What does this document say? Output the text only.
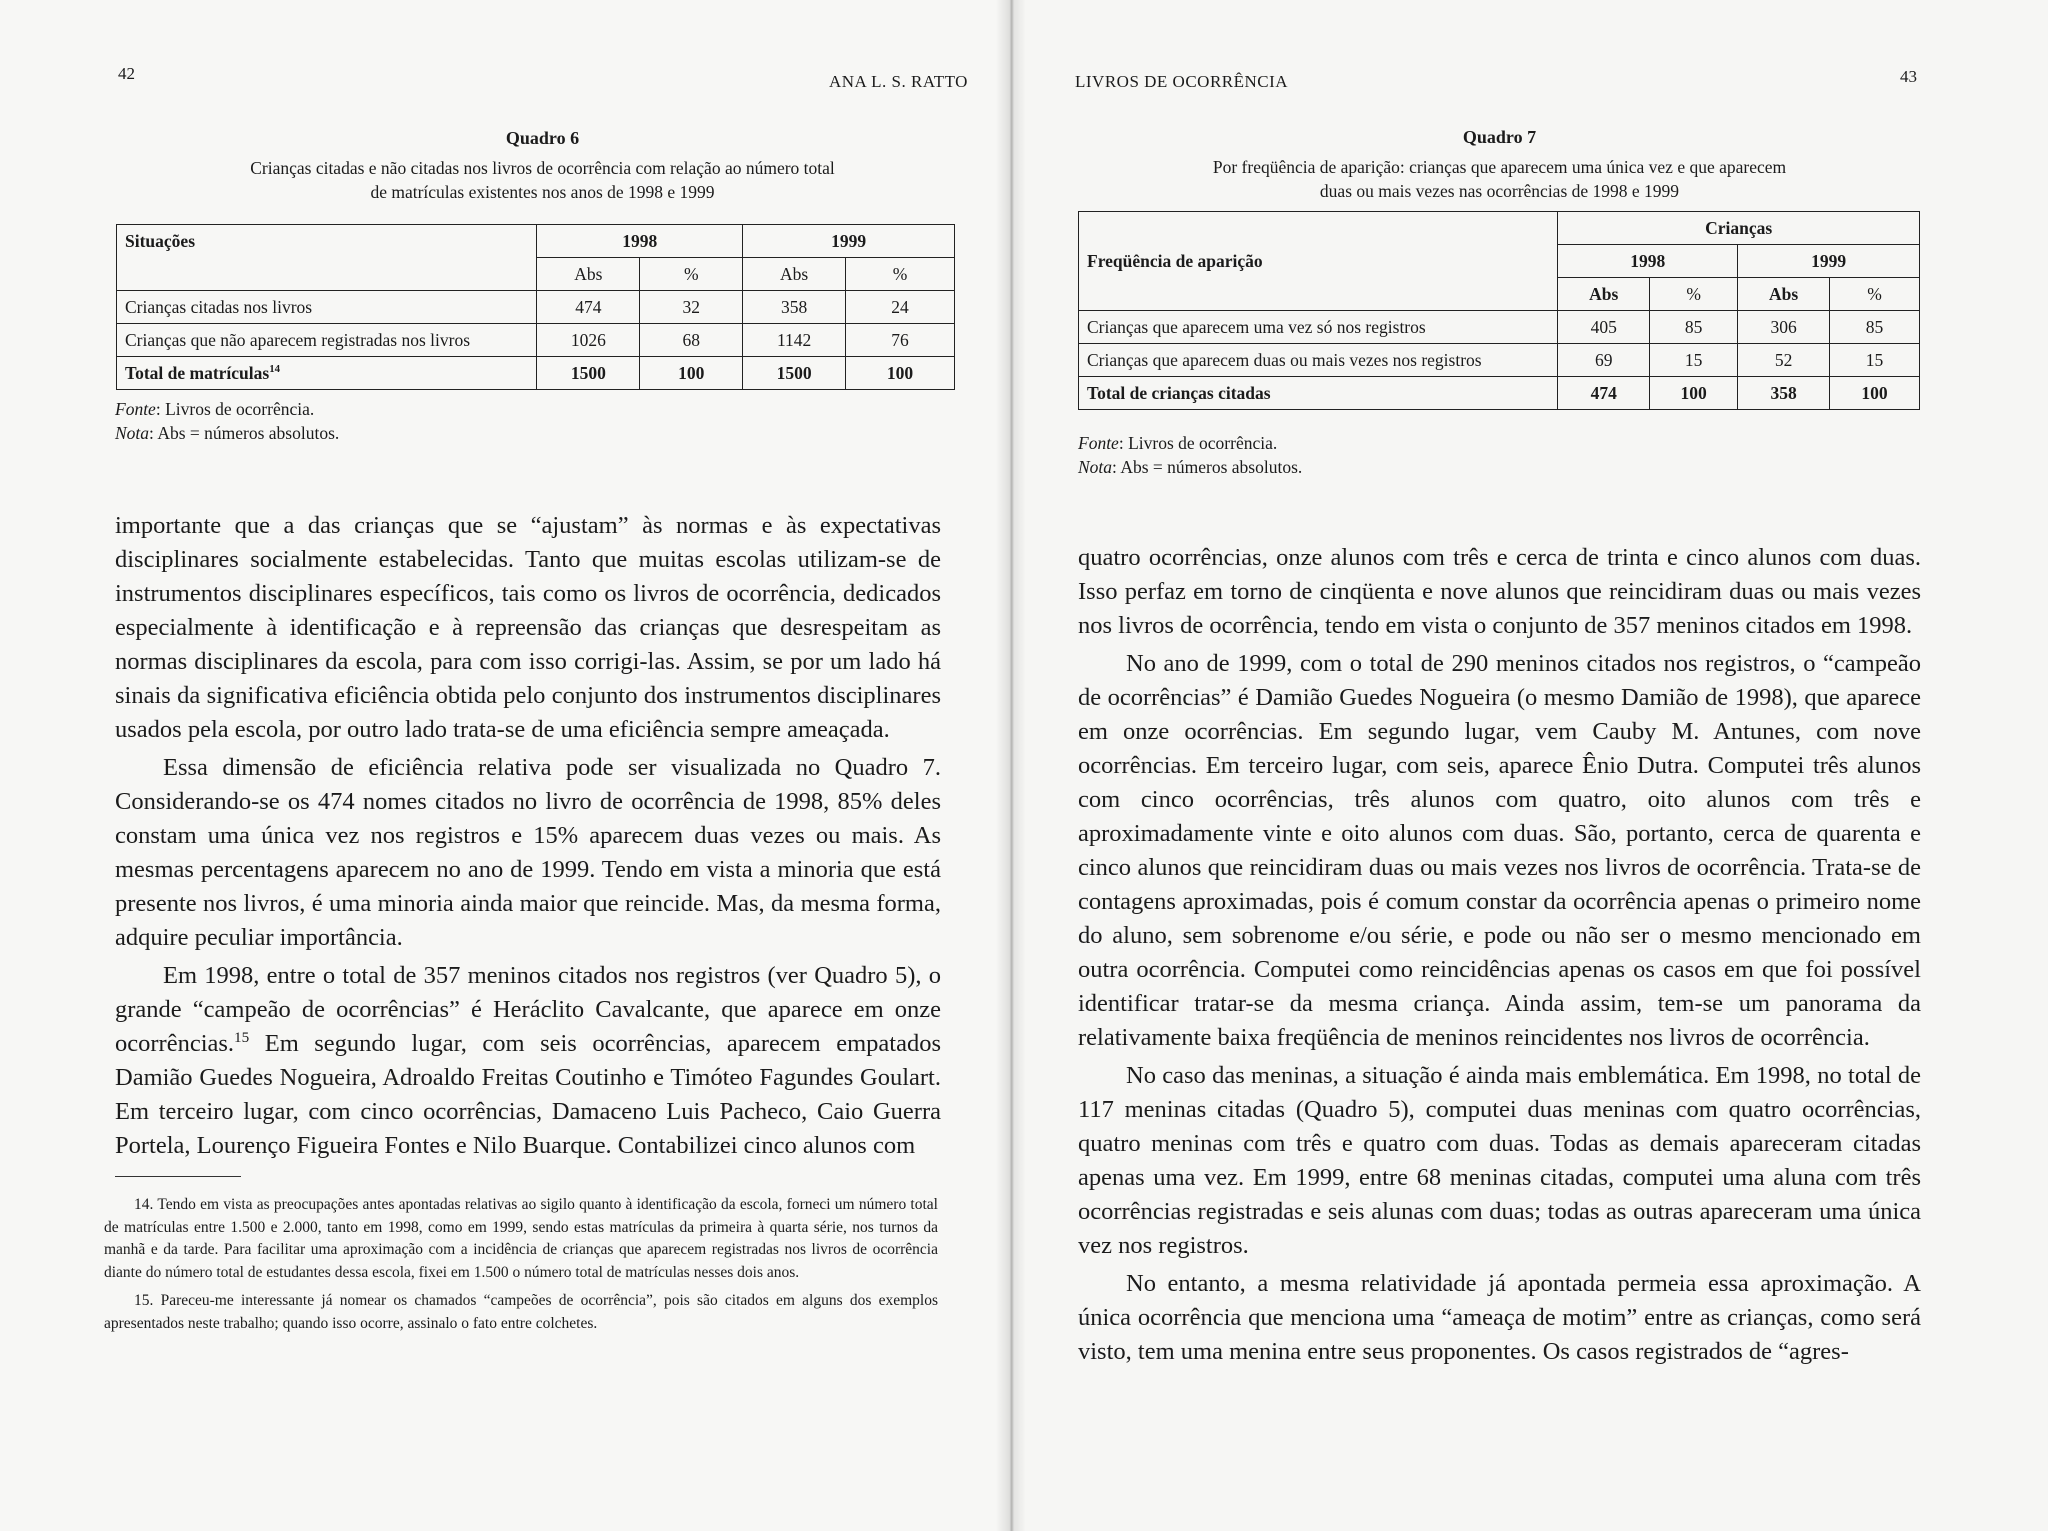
42	ANA L. S. RATTO
Quadro 6
Crianças citadas e não citadas nos livros de ocorrência com relação ao número total
de matrículas existentes nos anos de 1998 e 1999
Situações	1998		1999	
	Abs	%	Abs	%
Crianças citadas nos livros	474	32	358	24
Crianças que não aparecem registradas nos livros	1026	68	1142	76
Total de matrículas$^{14}$	1500	100	1500	100
Fonte: Livros de ocorrência.
Nota: Abs = números absolutos.

importante que a das crianças que se “ajustam” às normas e às expectativas disciplinares socialmente estabelecidas. Tanto que muitas escolas utilizam-se de instrumentos disciplinares específicos, tais como os livros de ocorrência, dedicados especialmente à identificação e à repreensão das crianças que desrespeitam as normas disciplinares da escola, para com isso corrigi-las. Assim, se por um lado há sinais da significativa eficiência obtida pelo conjunto dos instrumentos disciplinares usados pela escola, por outro lado trata-se de uma eficiência sempre ameaçada.

Essa dimensão de eficiência relativa pode ser visualizada no Quadro 7. Considerando-se os 474 nomes citados no livro de ocorrência de 1998, 85% deles constam uma única vez nos registros e 15% aparecem duas vezes ou mais. As mesmas percentagens aparecem no ano de 1999. Tendo em vista a minoria que está presente nos livros, é uma minoria ainda maior que reincide. Mas, da mesma forma, adquire peculiar importância.

Em 1998, entre o total de 357 meninos citados nos registros (ver Quadro 5), o grande “campeão de ocorrências” é Heráclito Cavalcante, que aparece em onze ocorrências.$^{15}$ Em segundo lugar, com seis ocorrências, aparecem empatados Damião Guedes Nogueira, Adroaldo Freitas Coutinho e Timóteo Fagundes Goulart. Em terceiro lugar, com cinco ocorrências, Damaceno Luis Pacheco, Caio Guerra Portela, Lourenço Figueira Fontes e Nilo Buarque. Contabilizei cinco alunos com

14. Tendo em vista as preocupações antes apontadas relativas ao sigilo quanto à identificação da escola, forneci um número total de matrículas entre 1.500 e 2.000, tanto em 1998, como em 1999, sendo estas matrículas da primeira à quarta série, nos turnos da manhã e da tarde. Para facilitar uma aproximação com a incidência de crianças que aparecem registradas nos livros de ocorrência diante do número total de estudantes dessa escola, fixei em 1.500 o número total de matrículas nesses dois anos.

15. Pareceu-me interessante já nomear os chamados “campeões de ocorrência”, pois são citados em alguns dos exemplos apresentados neste trabalho; quando isso ocorre, assinalo o fato entre colchetes.

LIVROS DE OCORRÊNCIA	43
Quadro 7
Por freqüência de aparição: crianças que aparecem uma única vez e que aparecem
duas ou mais vezes nas ocorrências de 1998 e 1999
Freqüência de aparição	Crianças			
	1998		1999	
	Abs	%	Abs	%
Crianças que aparecem uma vez só nos registros	405	85	306	85
Crianças que aparecem duas ou mais vezes nos registros	69	15	52	15
Total de crianças citadas	474	100	358	100
Fonte: Livros de ocorrência.
Nota: Abs = números absolutos.

quatro ocorrências, onze alunos com três e cerca de trinta e cinco alunos com duas. Isso perfaz em torno de cinqüenta e nove alunos que reincidiram duas ou mais vezes nos livros de ocorrência, tendo em vista o conjunto de 357 meninos citados em 1998.

No ano de 1999, com o total de 290 meninos citados nos registros, o “campeão de ocorrências” é Damião Guedes Nogueira (o mesmo Damião de 1998), que aparece em onze ocorrências. Em segundo lugar, vem Cauby M. Antunes, com nove ocorrências. Em terceiro lugar, com seis, aparece Ênio Dutra. Computei três alunos com cinco ocorrências, três alunos com quatro, oito alunos com três e aproximadamente vinte e oito alunos com duas. São, portanto, cerca de quarenta e cinco alunos que reincidiram duas ou mais vezes nos livros de ocorrência. Trata-se de contagens aproximadas, pois é comum constar da ocorrência apenas o primeiro nome do aluno, sem sobrenome e/ou série, e pode ou não ser o mesmo mencionado em outra ocorrência. Computei como reincidências apenas os casos em que foi possível identificar tratar-se da mesma criança. Ainda assim, tem-se um panorama da relativamente baixa freqüência de meninos reincidentes nos livros de ocorrência.

No caso das meninas, a situação é ainda mais emblemática. Em 1998, no total de 117 meninas citadas (Quadro 5), computei duas meninas com quatro ocorrências, quatro meninas com três e quatro com duas. Todas as demais apareceram citadas apenas uma vez. Em 1999, entre 68 meninas citadas, computei uma aluna com três ocorrências registradas e seis alunas com duas; todas as outras apareceram uma única vez nos registros.

No entanto, a mesma relatividade já apontada permeia essa aproximação. A única ocorrência que menciona uma “ameaça de motim” entre as crianças, como será visto, tem uma menina entre seus proponentes. Os casos registrados de “agres-
